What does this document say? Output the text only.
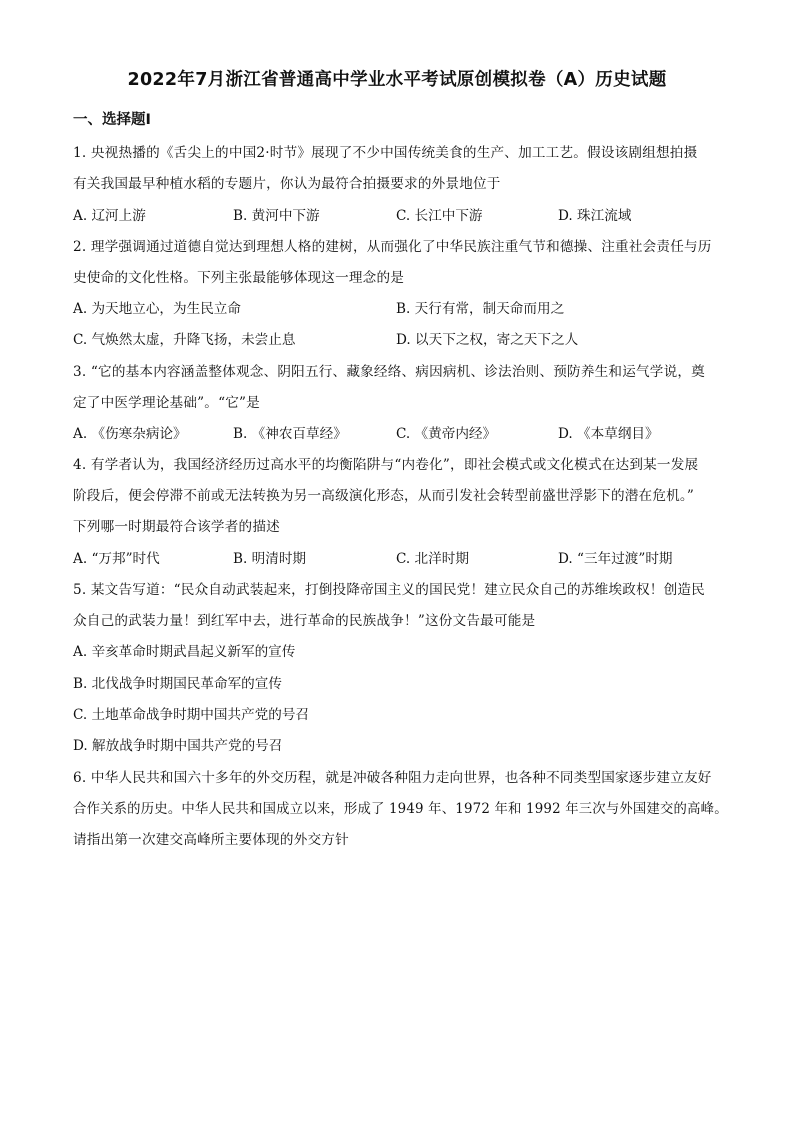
2022年7月浙江省普通高中学业水平考试原创模拟卷（A）历史试题
一、选择题Ⅰ
1. 央视热播的《舌尖上的中国2·时节》展现了不少中国传统美食的生产、加工工艺。假设该剧组想拍摄
有关我国最早种植水稻的专题片，你认为最符合拍摄要求的外景地位于
A. 辽河上游	B. 黄河中下游	C. 长江中下游	D. 珠江流域
2. 理学强调通过道德自觉达到理想人格的建树，从而强化了中华民族注重气节和德操、注重社会责任与历
史使命的文化性格。下列主张最能够体现这一理念的是
A. 为天地立心，为生民立命	B. 天行有常，制天命而用之
C. 气焕然太虚，升降飞扬，未尝止息	D. 以天下之权，寄之天下之人
3. “它的基本内容涵盖整体观念、阴阳五行、藏象经络、病因病机、诊法治则、预防养生和运气学说，奠
定了中医学理论基础”。“它”是
A. 《伤寒杂病论》	B. 《神农百草经》	C. 《黄帝内经》	D. 《本草纲目》
4. 有学者认为，我国经济经历过高水平的均衡陷阱与“内卷化”，即社会模式或文化模式在达到某一发展
阶段后，便会停滞不前或无法转换为另一高级演化形态，从而引发社会转型前盛世浮影下的潜在危机。”
下列哪一时期最符合该学者的描述
A. “万邦”时代	B. 明清时期	C. 北洋时期	D. “三年过渡”时期
5. 某文告写道：“民众自动武装起来，打倒投降帝国主义的国民党！建立民众自己的苏维埃政权！创造民
众自己的武装力量！到红军中去，进行革命的民族战争！”这份文告最可能是
A. 辛亥革命时期武昌起义新军的宣传
B. 北伐战争时期国民革命军的宣传
C. 土地革命战争时期中国共产党的号召
D. 解放战争时期中国共产党的号召
6. 中华人民共和国六十多年的外交历程，就是冲破各种阻力走向世界，也各种不同类型国家逐步建立友好
合作关系的历史。中华人民共和国成立以来，形成了 1949 年、1972 年和 1992 年三次与外国建交的高峰。
请指出第一次建交高峰所主要体现的外交方针
